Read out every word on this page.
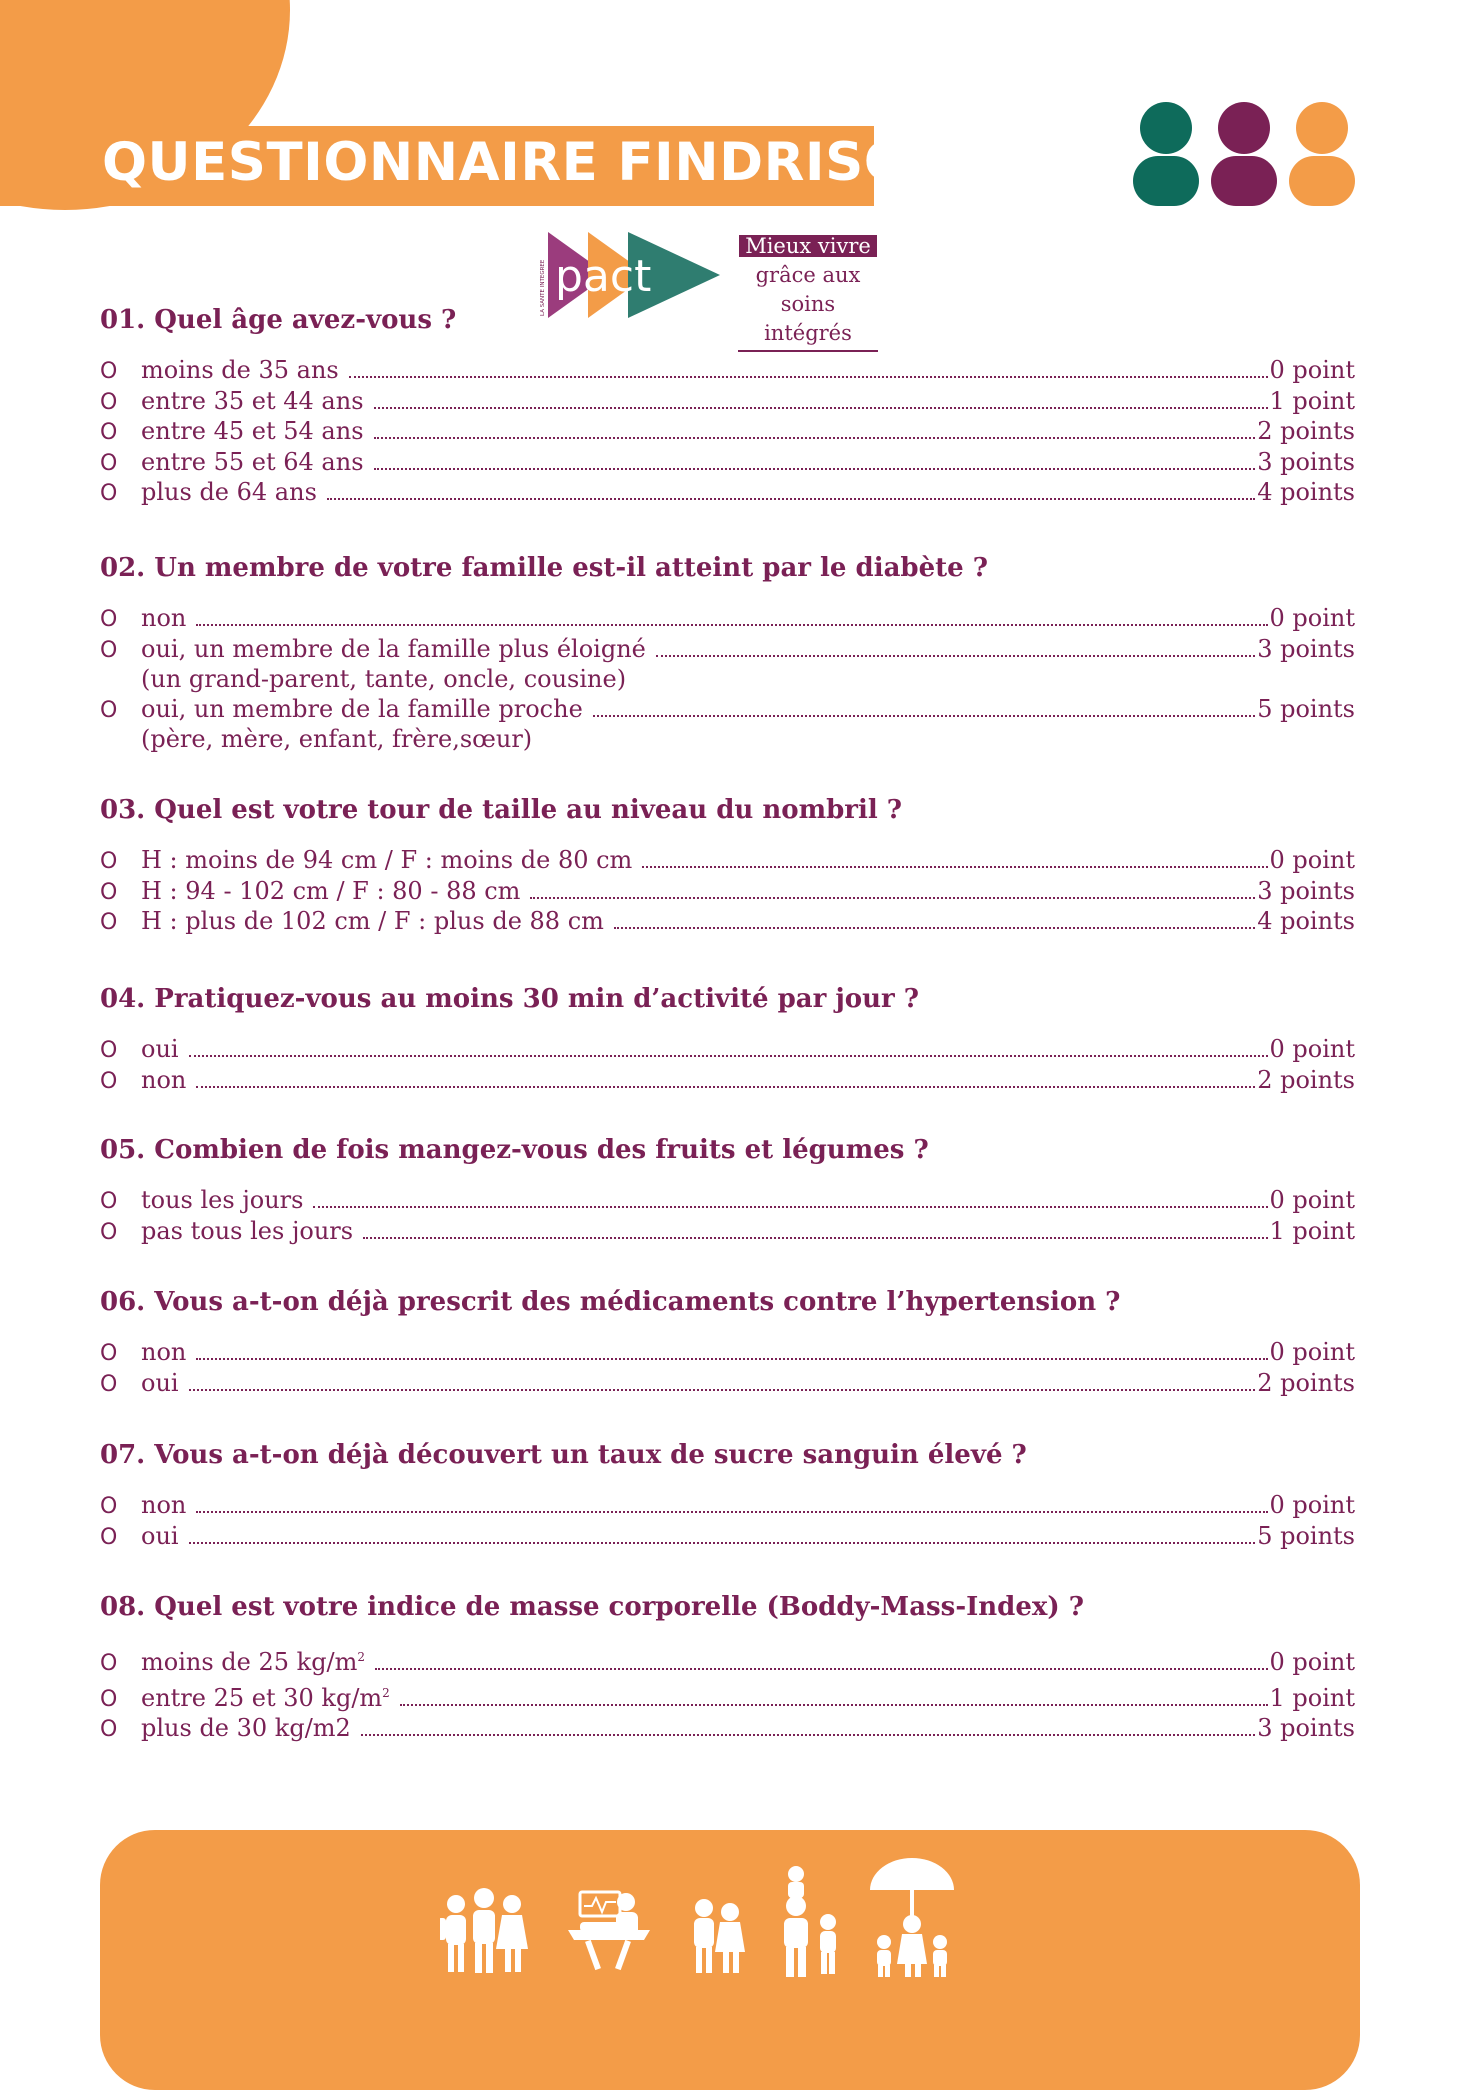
QUESTIONNAIRE FINDRISC
pact
LA SANTÉ INTÉGRÉE
Mieux vivre
grâce aux
soins intégrés
01. Quel âge avez-vous ?
O moins de 35 ans	0 point
O entre 35 et 44 ans	1 point
O entre 45 et 54 ans	2 points
O entre 55 et 64 ans	3 points
O plus de 64 ans	4 points
02. Un membre de votre famille est-il atteint par le diabète ?
O non	0 point
O oui, un membre de la famille plus éloigné	3 points
(un grand-parent, tante, oncle, cousine)
O oui, un membre de la famille proche	5 points
(père, mère, enfant, frère,sœur)
03. Quel est votre tour de taille au niveau du nombril ?
O H : moins de 94 cm / F : moins de 80 cm	0 point
O H : 94 - 102 cm / F : 80 - 88 cm	3 points
O H : plus de 102 cm / F : plus de 88 cm	4 points
04. Pratiquez-vous au moins 30 min d’activité par jour ?
O oui	0 point
O non	2 points
05. Combien de fois mangez-vous des fruits et légumes ?
O tous les jours	0 point
O pas tous les jours	1 point
06. Vous a-t-on déjà prescrit des médicaments contre l’hypertension ?
O non	0 point
O oui	2 points
07. Vous a-t-on déjà découvert un taux de sucre sanguin élevé ?
O non	0 point
O oui	5 points
08. Quel est votre indice de masse corporelle (Boddy-Mass-Index) ?
O moins de 25 $kg/m^2$	0 point
O entre 25 et 30 $kg/m^2$	1 point
O plus de 30 kg/m2	3 points
